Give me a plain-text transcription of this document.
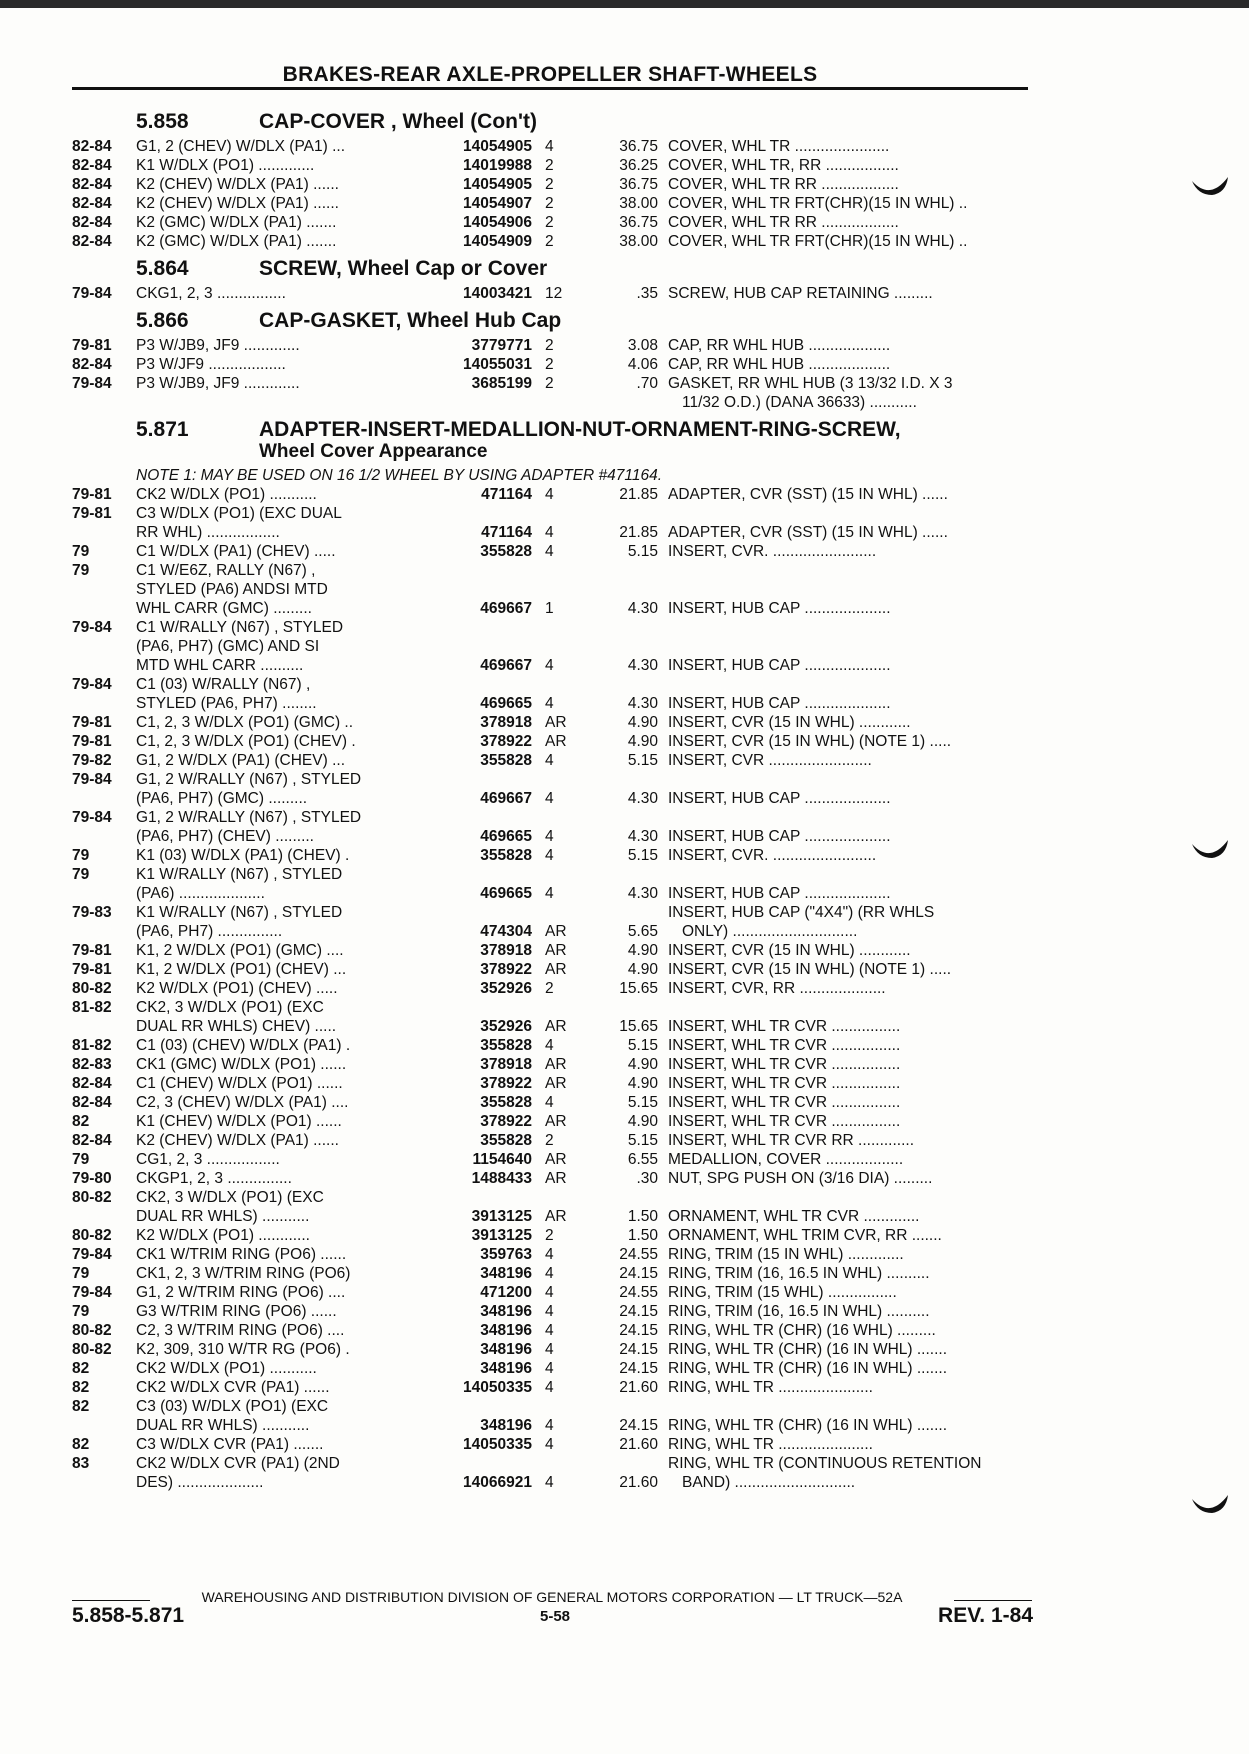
BRAKES-REAR AXLE-PROPELLER SHAFT-WHEELS
5.858	CAP-COVER , Wheel (Con't)
82-84 G1, 2 (CHEV) W/DLX (PA1) ...	14054905 4	36.75 COVER, WHL TR ......................
82-84 K1 W/DLX (PO1) .............	14019988 2	36.25 COVER, WHL TR, RR .................
82-84 K2 (CHEV) W/DLX (PA1) ......	14054905 2	36.75 COVER, WHL TR RR ..................
82-84 K2 (CHEV) W/DLX (PA1) ......	14054907 2	38.00 COVER, WHL TR FRT(CHR)(15 IN WHL) ..
82-84 K2 (GMC) W/DLX (PA1) .......	14054906 2	36.75 COVER, WHL TR RR ..................
82-84 K2 (GMC) W/DLX (PA1) .......	14054909 2	38.00 COVER, WHL TR FRT(CHR)(15 IN WHL) ..
5.864	SCREW, Wheel Cap or Cover
79-84 CKG1, 2, 3 ................	14003421 12	.35 SCREW, HUB CAP RETAINING .........
5.866	CAP-GASKET, Wheel Hub Cap
79-81 P3 W/JB9, JF9 .............	3779771 2	3.08 CAP, RR WHL HUB ...................
82-84 P3 W/JF9 ..................	14055031 2	4.06 CAP, RR WHL HUB ...................
79-84 P3 W/JB9, JF9 .............	3685199 2	.70 GASKET, RR WHL HUB (3 13/32 I.D. X 3
11/32 O.D.) (DANA 36633) ...........
5.871	ADAPTER-INSERT-MEDALLION-NUT-ORNAMENT-RING-SCREW,
Wheel Cover Appearance
NOTE 1: MAY BE USED ON 16 1/2 WHEEL BY USING ADAPTER #471164.
79-81 CK2 W/DLX (PO1) ...........	471164 4	21.85 ADAPTER, CVR (SST) (15 IN WHL) ......
79-81 C3 W/DLX (PO1) (EXC DUAL
RR WHL) .................	471164 4	21.85 ADAPTER, CVR (SST) (15 IN WHL) ......
79	C1 W/DLX (PA1) (CHEV) .....	355828 4	5.15 INSERT, CVR. ........................
79	C1 W/E6Z, RALLY (N67) ,
STYLED (PA6) ANDSI MTD
WHL CARR (GMC) .........	469667 1	4.30 INSERT, HUB CAP ....................
79-84 C1 W/RALLY (N67) , STYLED
(PA6, PH7) (GMC) AND SI
MTD WHL CARR ..........	469667 4	4.30 INSERT, HUB CAP ....................
79-84 C1 (03) W/RALLY (N67) ,
STYLED (PA6, PH7) ........	469665 4	4.30 INSERT, HUB CAP ....................
79-81 C1, 2, 3 W/DLX (PO1) (GMC) ..	378918 AR	4.90 INSERT, CVR (15 IN WHL) ............
79-81 C1, 2, 3 W/DLX (PO1) (CHEV) .	378922 AR	4.90 INSERT, CVR (15 IN WHL) (NOTE 1) .....
79-82 G1, 2 W/DLX (PA1) (CHEV) ...	355828 4	5.15 INSERT, CVR ........................
79-84 G1, 2 W/RALLY (N67) , STYLED
(PA6, PH7) (GMC) .........	469667 4	4.30 INSERT, HUB CAP ....................
79-84 G1, 2 W/RALLY (N67) , STYLED
(PA6, PH7) (CHEV) .........	469665 4	4.30 INSERT, HUB CAP ....................
79	K1 (03) W/DLX (PA1) (CHEV) .	355828 4	5.15 INSERT, CVR. ........................
79	K1 W/RALLY (N67) , STYLED
(PA6) ....................	469665 4	4.30 INSERT, HUB CAP ....................
79-83 K1 W/RALLY (N67) , STYLED
(PA6, PH7) ...............	474304 AR	5.65
INSERT, HUB CAP ("4X4") (RR WHLS
ONLY) .............................
79-81 K1, 2 W/DLX (PO1) (GMC) ....	378918 AR	4.90 INSERT, CVR (15 IN WHL) ............
79-81 K1, 2 W/DLX (PO1) (CHEV) ...	378922 AR	4.90 INSERT, CVR (15 IN WHL) (NOTE 1) .....
80-82 K2 W/DLX (PO1) (CHEV) .....	352926 2	15.65 INSERT, CVR, RR ....................
81-82 CK2, 3 W/DLX (PO1) (EXC
DUAL RR WHLS) CHEV) .....	352926 AR	15.65 INSERT, WHL TR CVR ................
81-82 C1 (03) (CHEV) W/DLX (PA1) .	355828 4	5.15 INSERT, WHL TR CVR ................
82-83 CK1 (GMC) W/DLX (PO1) ......	378918 AR	4.90 INSERT, WHL TR CVR ................
82-84 C1 (CHEV) W/DLX (PO1) ......	378922 AR	4.90 INSERT, WHL TR CVR ................
82-84 C2, 3 (CHEV) W/DLX (PA1) ....	355828 4	5.15 INSERT, WHL TR CVR ................
82	K1 (CHEV) W/DLX (PO1) ......	378922 AR	4.90 INSERT, WHL TR CVR ................
82-84 K2 (CHEV) W/DLX (PA1) ......	355828 2	5.15 INSERT, WHL TR CVR RR .............
79	CG1, 2, 3 .................	1154640 AR	6.55 MEDALLION, COVER ..................
79-80 CKGP1, 2, 3 ...............	1488433 AR	.30 NUT, SPG PUSH ON (3/16 DIA) .........
80-82 CK2, 3 W/DLX (PO1) (EXC
DUAL RR WHLS) ...........	3913125 AR	1.50 ORNAMENT, WHL TR CVR .............
80-82 K2 W/DLX (PO1) ............	3913125 2	1.50 ORNAMENT, WHL TRIM CVR, RR .......
79-84 CK1 W/TRIM RING (PO6) ......	359763 4	24.55 RING, TRIM (15 IN WHL) .............
79	CK1, 2, 3 W/TRIM RING (PO6)	348196 4	24.15 RING, TRIM (16, 16.5 IN WHL) ..........
79-84 G1, 2 W/TRIM RING (PO6) ....	471200 4	24.55 RING, TRIM (15 WHL) ................
79	G3 W/TRIM RING (PO6) ......	348196 4	24.15 RING, TRIM (16, 16.5 IN WHL) ..........
80-82 C2, 3 W/TRIM RING (PO6) ....	348196 4	24.15 RING, WHL TR (CHR) (16 WHL) .........
80-82 K2, 309, 310 W/TR RG (PO6) .	348196 4	24.15 RING, WHL TR (CHR) (16 IN WHL) .......
82	CK2 W/DLX (PO1) ...........	348196 4	24.15 RING, WHL TR (CHR) (16 IN WHL) .......
82	CK2 W/DLX CVR (PA1) ......	14050335 4	21.60 RING, WHL TR ......................
82	C3 (03) W/DLX (PO1) (EXC
DUAL RR WHLS) ...........	348196 4	24.15 RING, WHL TR (CHR) (16 IN WHL) .......
82	C3 W/DLX CVR (PA1) .......	14050335 4	21.60 RING, WHL TR ......................
83	CK2 W/DLX CVR (PA1) (2ND
DES) ....................	14066921 4	21.60
RING, WHL TR (CONTINUOUS RETENTION
BAND) ............................
WAREHOUSING AND DISTRIBUTION DIVISION OF GENERAL MOTORS CORPORATION — LT TRUCK—52A
5.858-5.871	5-58	REV. 1-84
